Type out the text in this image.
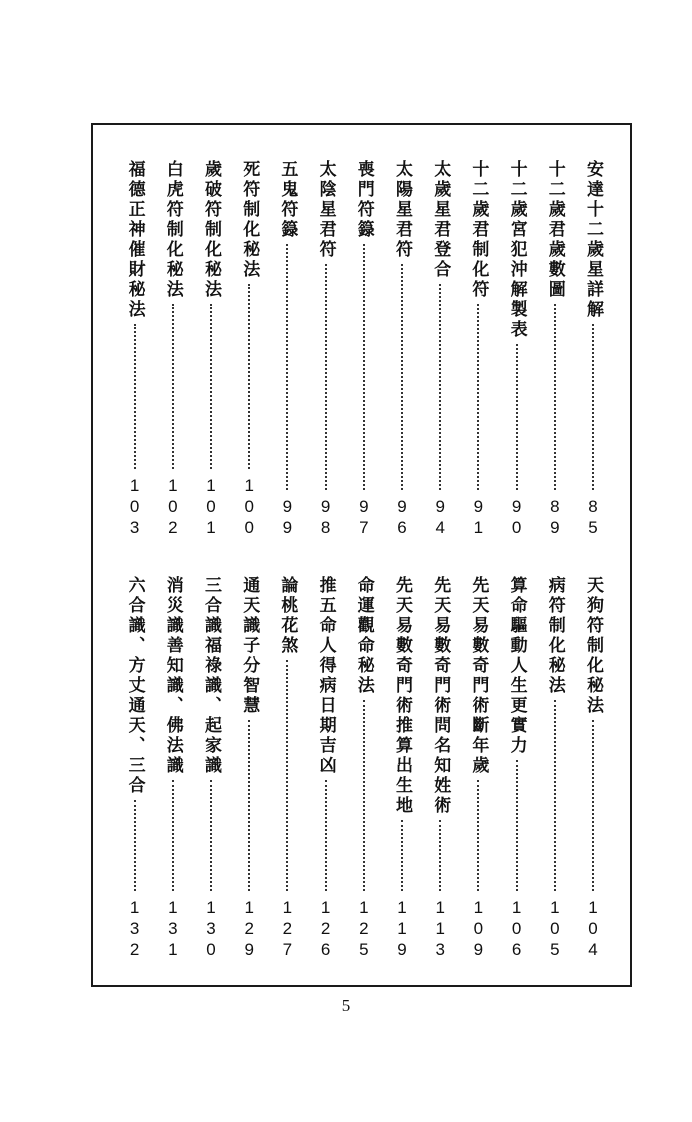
安達十二歲星詳解
8
5
十二歲君歲數圖
8
9
十二歲宮犯沖解製表
9
0
十二歲君制化符
9
1
太歲星君登合
9
4
太陽星君符
9
6
喪門符籙
9
7
太陰星君符
9
8
五鬼符籙
9
9
死符制化秘法
1
0
0
歲破符制化秘法
1
0
1
白虎符制化秘法
1
0
2
福德正神催財秘法
1
0
3
天狗符制化秘法
1
0
4
病符制化秘法
1
0
5
算命驅動人生更實力
1
0
6
先天易數奇門術斷年歲
1
0
9
先天易數奇門術問名知姓術
1
1
3
先天易數奇門術推算出生地
1
1
9
命運觀命秘法
1
2
5
推五命人得病日期吉凶
1
2
6
論桃花煞
1
2
7
通天識子分智慧
1
2
9
三合識福祿識、起家識
1
3
0
消災識善知識、佛法識
1
3
1
六合識、方丈通天、三合
1
3
2
5
